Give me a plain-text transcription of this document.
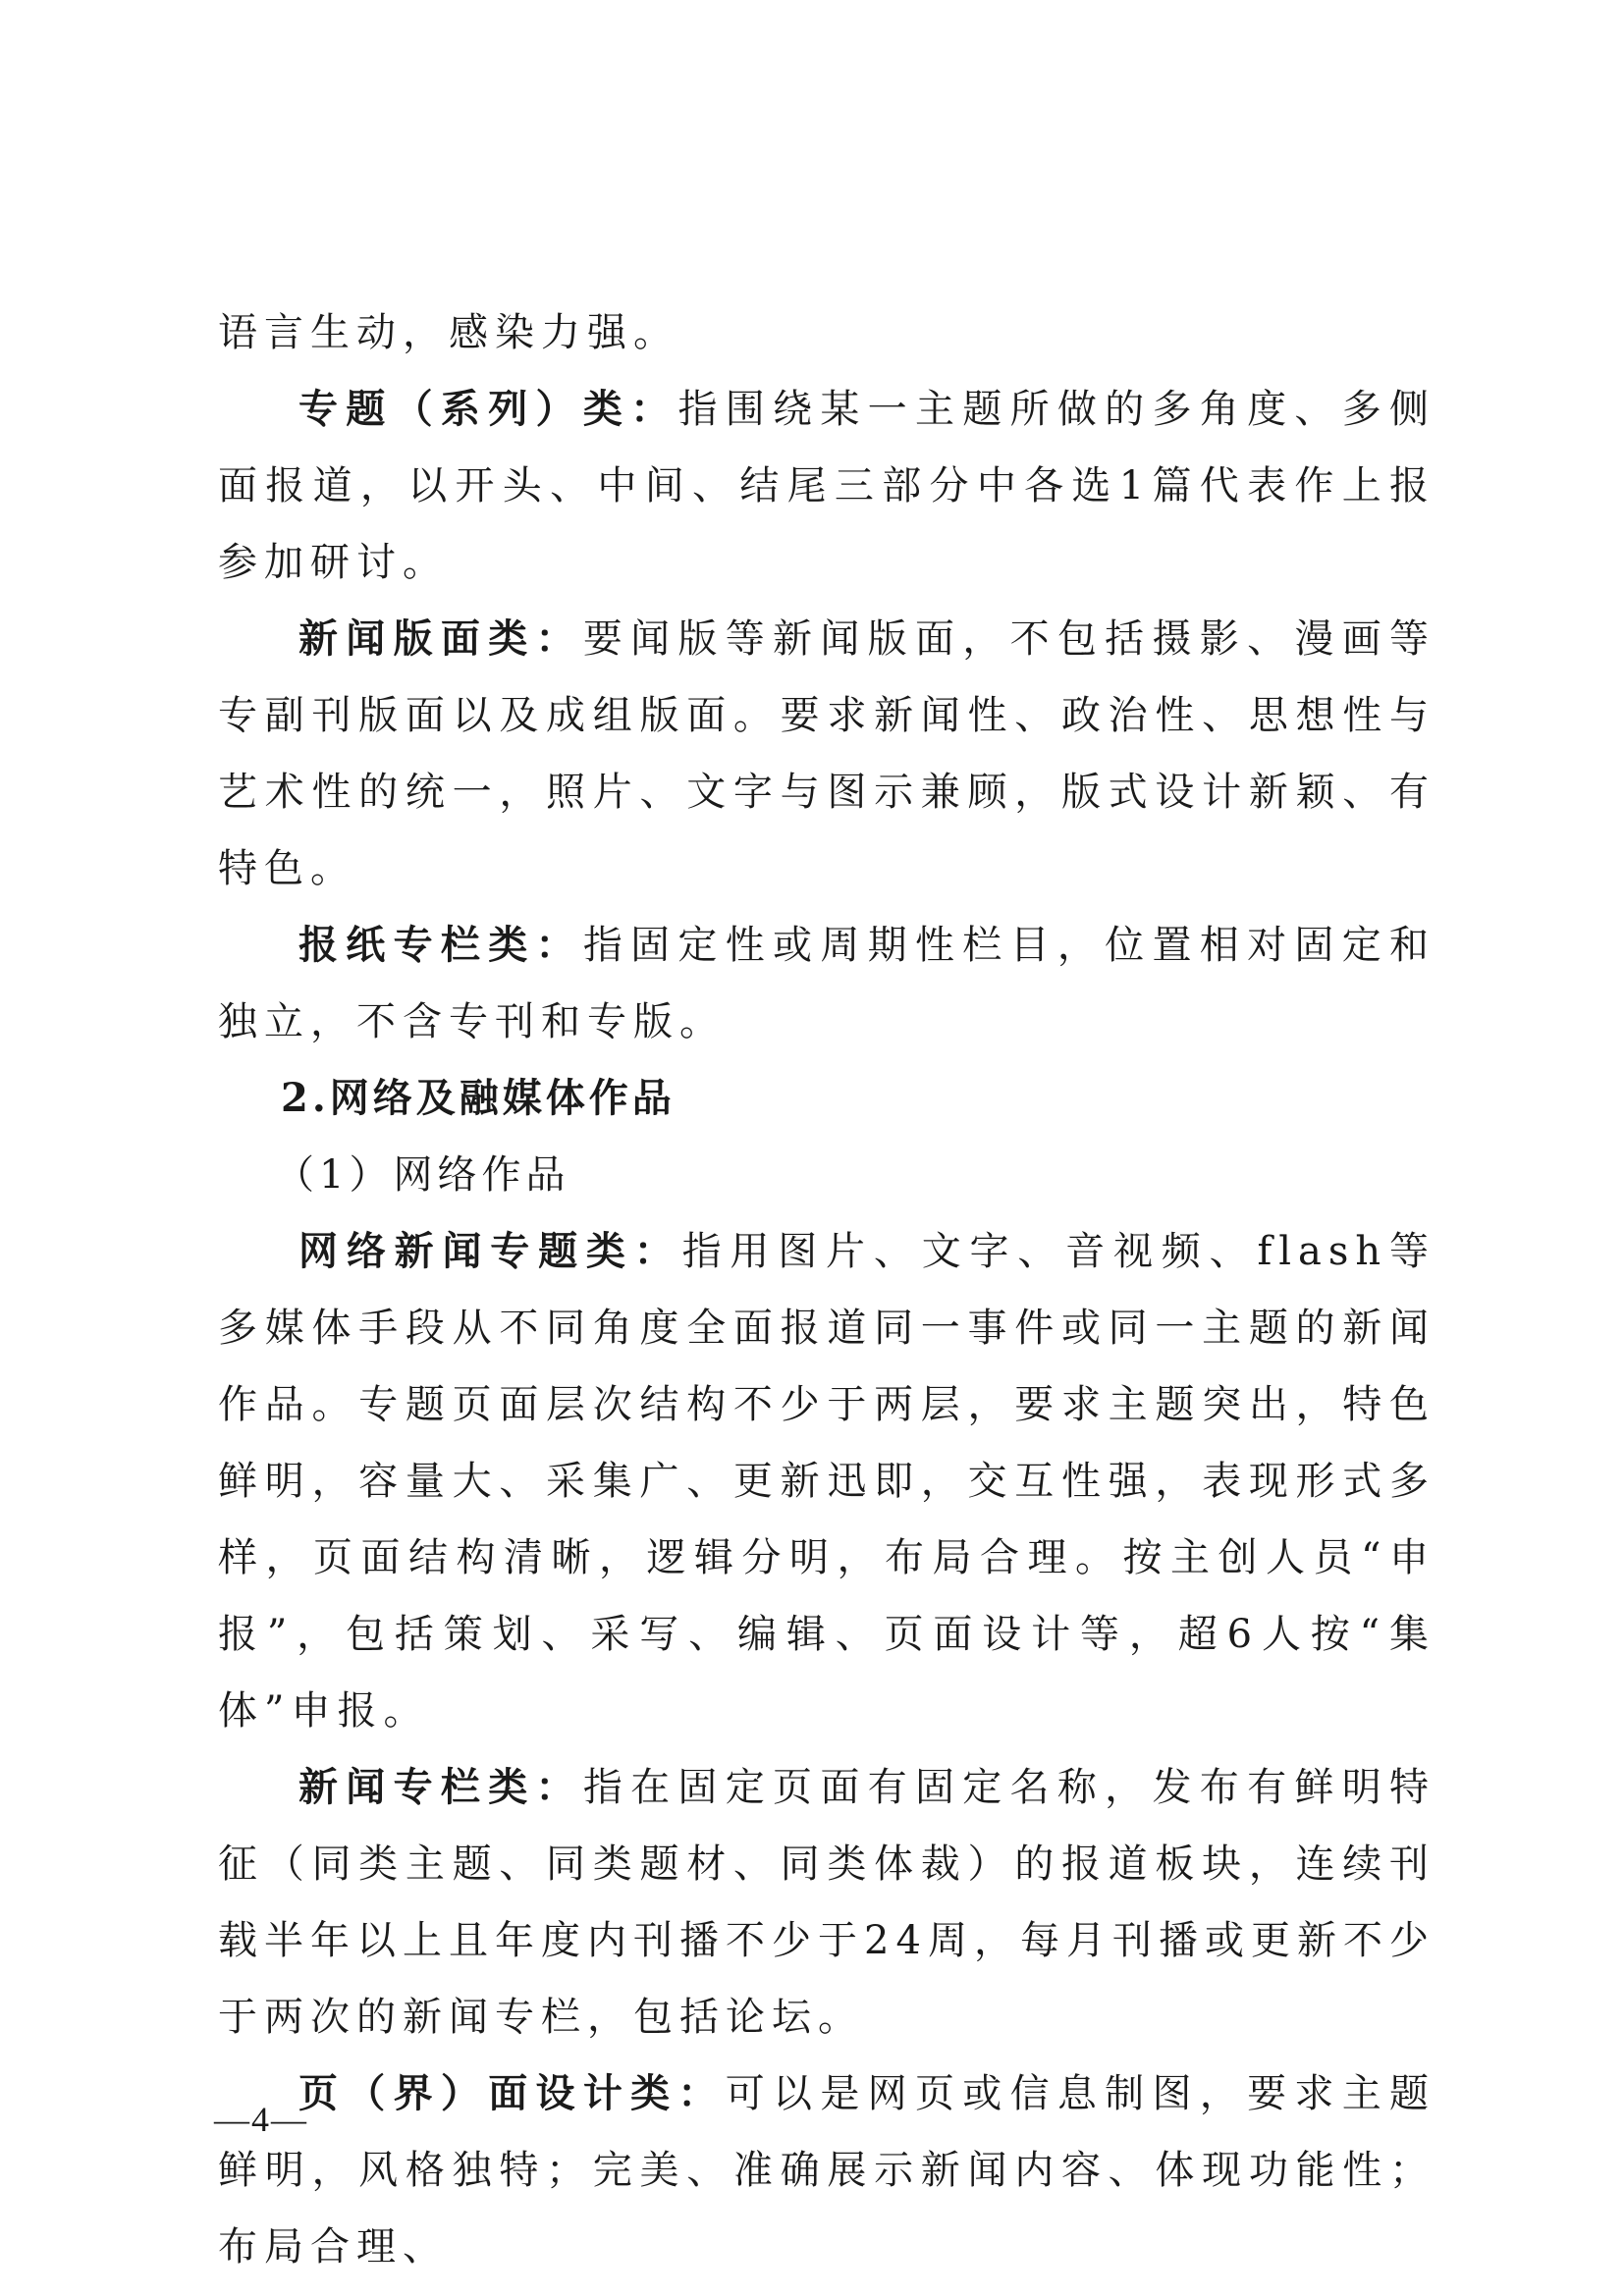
语言生动，感染力强。

专题（系列）类：指围绕某一主题所做的多角度、多侧面报道，以开头、中间、结尾三部分中各选1篇代表作上报参加研讨。

新闻版面类：要闻版等新闻版面，不包括摄影、漫画等专副刊版面以及成组版面。要求新闻性、政治性、思想性与艺术性的统一，照片、文字与图示兼顾，版式设计新颖、有特色。

报纸专栏类：指固定性或周期性栏目，位置相对固定和独立，不含专刊和专版。

2.网络及融媒体作品

（1）网络作品

网络新闻专题类：指用图片、文字、音视频、flash等多媒体手段从不同角度全面报道同一事件或同一主题的新闻作品。专题页面层次结构不少于两层，要求主题突出，特色鲜明，容量大、采集广、更新迅即，交互性强，表现形式多样，页面结构清晰，逻辑分明，布局合理。按主创人员“申报”，包括策划、采写、编辑、页面设计等，超6人按“集体”申报。

新闻专栏类：指在固定页面有固定名称，发布有鲜明特征（同类主题、同类题材、同类体裁）的报道板块，连续刊载半年以上且年度内刊播不少于24周，每月刊播或更新不少于两次的新闻专栏，包括论坛。

页（界）面设计类：可以是网页或信息制图，要求主题鲜明，风格独特；完美、准确展示新闻内容、体现功能性；布局合理、

—4—
